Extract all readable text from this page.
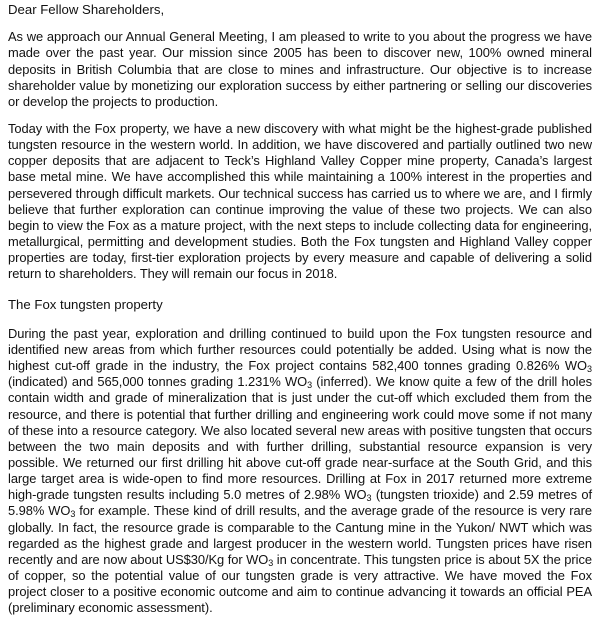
Dear Fellow Shareholders,

As we approach our Annual General Meeting, I am pleased to write to you about the progress we have made over the past year. Our mission since 2005 has been to discover new, 100% owned mineral deposits in British Columbia that are close to mines and infrastructure. Our objective is to increase shareholder value by monetizing our exploration success by either partnering or selling our discoveries or develop the projects to production.

Today with the Fox property, we have a new discovery with what might be the highest-grade published tungsten resource in the western world. In addition, we have discovered and partially outlined two new copper deposits that are adjacent to Teck’s Highland Valley Copper mine property, Canada’s largest base metal mine. We have accomplished this while maintaining a 100% interest in the properties and persevered through difficult markets. Our technical success has carried us to where we are, and I firmly believe that further exploration can continue improving the value of these two projects. We can also begin to view the Fox as a mature project, with the next steps to include collecting data for engineering, metallurgical, permitting and development studies. Both the Fox tungsten and Highland Valley copper properties are today, first-tier exploration projects by every measure and capable of delivering a solid return to shareholders. They will remain our focus in 2018.

The Fox tungsten property

During the past year, exploration and drilling continued to build upon the Fox tungsten resource and identified new areas from which further resources could potentially be added. Using what is now the highest cut-off grade in the industry, the Fox project contains 582,400 tonnes grading 0.826% $WO_3$ (indicated) and 565,000 tonnes grading 1.231% $WO_3$ (inferred). We know quite a few of the drill holes contain width and grade of mineralization that is just under the cut-off which excluded them from the resource, and there is potential that further drilling and engineering work could move some if not many of these into a resource category. We also located several new areas with positive tungsten that occurs between the two main deposits and with further drilling, substantial resource expansion is very possible. We returned our first drilling hit above cut-off grade near-surface at the South Grid, and this large target area is wide-open to find more resources. Drilling at Fox in 2017 returned more extreme high-grade tungsten results including 5.0 metres of 2.98% $WO_3$ (tungsten trioxide) and 2.59 metres of 5.98% $WO_3$ for example. These kind of drill results, and the average grade of the resource is very rare globally. In fact, the resource grade is comparable to the Cantung mine in the Yukon/ NWT which was regarded as the highest grade and largest producer in the western world. Tungsten prices have risen recently and are now about US$30/Kg for $WO_3$ in concentrate. This tungsten price is about 5X the price of copper, so the potential value of our tungsten grade is very attractive. We have moved the Fox project closer to a positive economic outcome and aim to continue advancing it towards an official PEA (preliminary economic assessment).
